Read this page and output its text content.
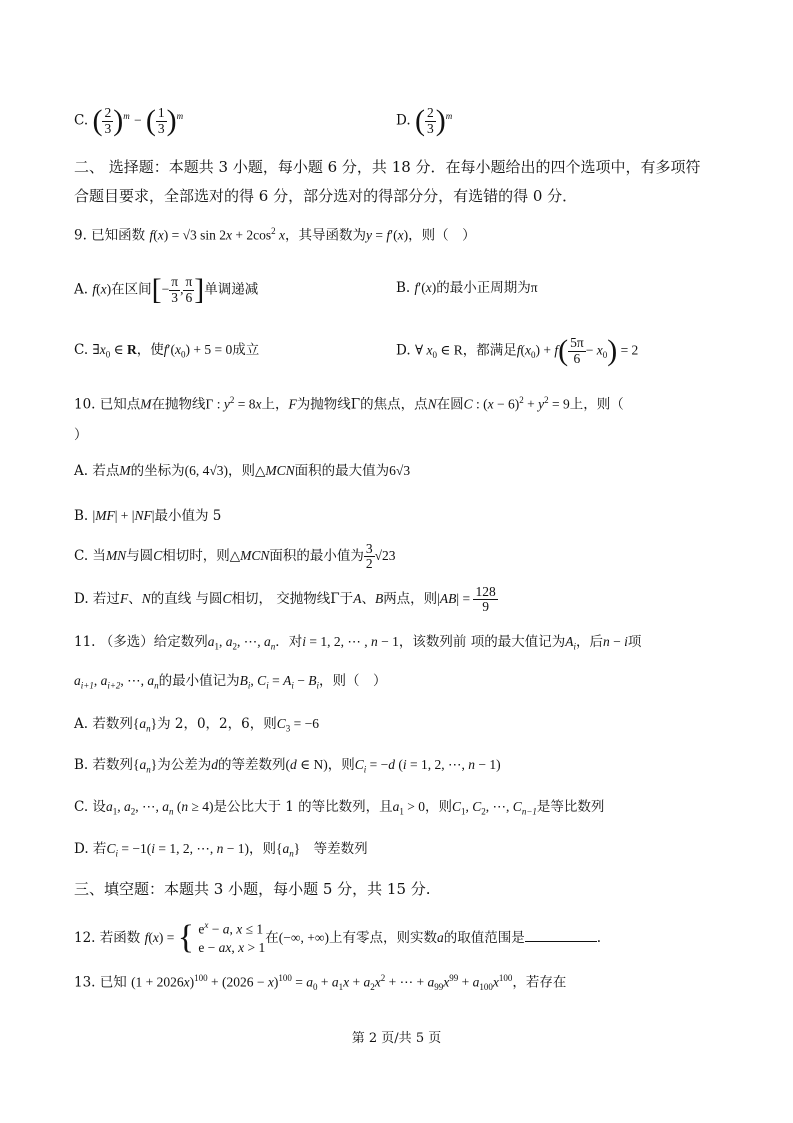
C. ( $\frac{2}{3} )^m$ − ( $\frac{1}{3} )^m$	D. ( $\frac{2}{3} )^m$
二、 选择题：本题共 3 小题，每小题 6 分，共 18 分．在每小题给出的四个选项中，有多项符
合题目要求，全部选对的得 6 分，部分选对的得部分分，有选错的得 0 分．
9. 已知函数 f(x) = √3 $\sin 2x + 2\cos^2$ x，其导函数为y = f′(x)，则（　）
A. f(x)在区间[− $\frac{\pi}{3}$ , $\frac{\pi}{6}$ ]单调递减	B. f′(x)的最小正周期为π
C. $\exists x_0$ ∈ R，使$f'(x_0) + 5 = 0$成立	D. ∀ $x_0$ ∈ R，都满足$f(x_0) + f( \frac{5\pi}{6} - x_0) = 2$
10. 已知点M在抛物线Γ : $y^2 = 8x$上，F为抛物线Γ的焦点，点N在圆C : $(x - 6)^2 + y^2 = 9$上，则（
）
A. 若点M的坐标为(6, 4√3)，则△MCN面积的最大值为6√3
B. |MF| + |NF|最小值为 5
C. 当MN与圆C相切时，则△MCN面积的最小值为 $\frac{3}{2} √23$
D. 若过F、N的直线 与圆C相切， 交抛物线Γ于A、B两点，则$|AB| = \frac{128}{9}$
11. （多选）给定数列$a_1$, $a_2$, ⋯, $a_n$．对i = 1, 2, ⋯ , n − 1，该数列前 项的最大值记为$A_i$，后n − i项
$a_{i+1}$, $a_{i+2}$, ⋯, $a_n$的最小值记为$B_i$, $C_i = A_i - B_i$，则（　）
A. 若数列$\{a_n\}$为 2，0，2，6，则$C_3 = -6$
B. 若数列$\{a_n\}$为公差为d的等差数列(d ∈ N)，则$C_i = -d$ (i = 1, 2, ⋯, n − 1)
C. 设$a_1$, $a_2$, ⋯, $a_n$ (n ≥ 4)是公比大于 1 的等比数列，且$a_1 > 0$，则$C_1$, $C_2$, ⋯, $C_{n-1}$是等比数列
D. 若$C_i = -1(i = 1$, 2, ⋯, n − 1)，则$\{a_n\}$　等差数列
三、填空题：本题共 3 小题，每小题 5 分，共 15 分.
12. 若函数 f(x) = { $e^x - a$, x ≤ 1
e − ax, x > 1
在(−∞, +∞)上有零点，则实数a的取值范围是	.
13. 已知 $(1 + 2026x)^{100} + (2026 - x)^{100} = a_0 + a_1x + a_2x^2$ + ⋯ + $a_{99}x^{99} + a_{100}x^{100}$，若存在
第 2 页/共 5 页
